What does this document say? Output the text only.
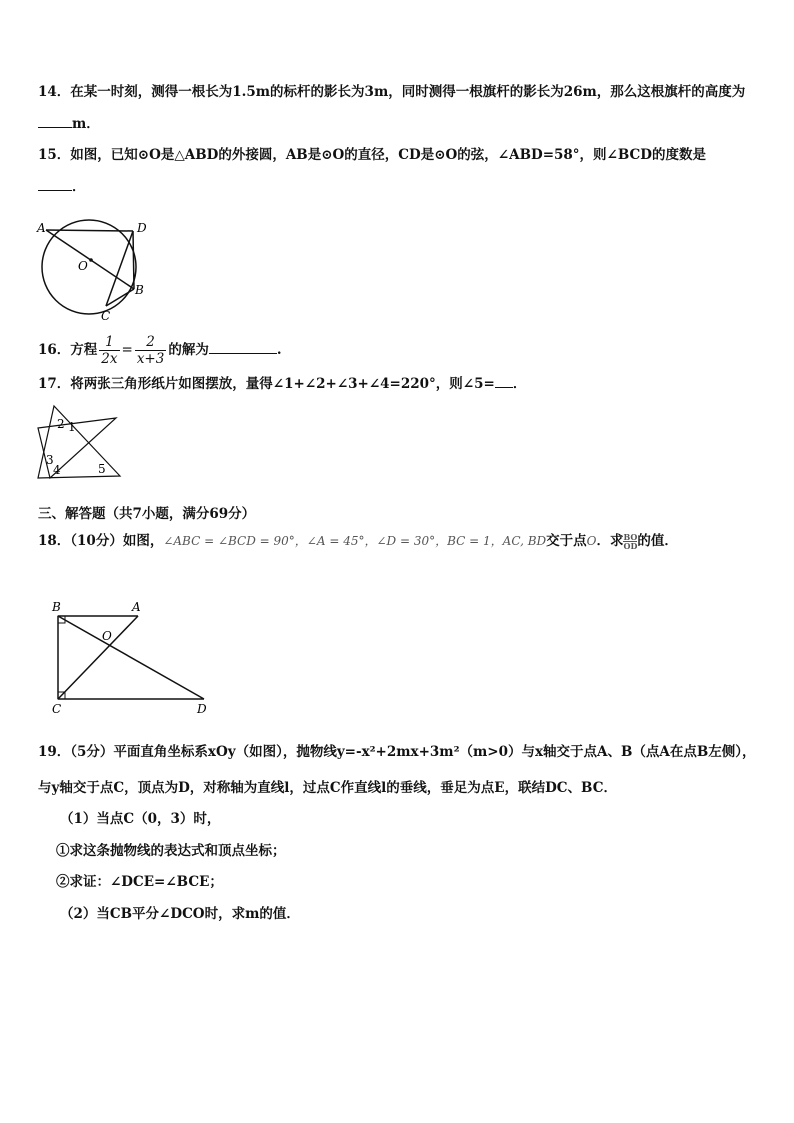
14．在某一时刻，测得一根长为1.5m的标杆的影长为3m，同时测得一根旗杆的影长为26m，那么这根旗杆的高度为
m．
15．如图，已知⊙O是△ABD的外接圆，AB是⊙O的直径，CD是⊙O的弦，∠ABD=58°，则∠BCD的度数是
．
A	D
O
B
C
16．方程 $\frac{1}{2x} = \frac{2}{x+3}$ 的解为	.
17．将两张三角形纸片如图摆放，量得∠1+∠2+∠3+∠4=220°，则∠5= ．
2 1
3
4	5
三、解答题（共7小题，满分69分）
18．（10分）如图，∠ABC = ∠BCD = 90°，∠A = 45°，∠D = 30°，BC = 1，AC, BD交于点O．求 $\frac{BO}{OD}$ 的值．
B	A
O
C	D
19．（5分）平面直角坐标系xOy（如图），抛物线y=-x²+2mx+3m²（m>0）与x轴交于点A、B（点A在点B左侧），
与y轴交于点C，顶点为D，对称轴为直线l，过点C作直线l的垂线，垂足为点E，联结DC、BC．
（1）当点C（0，3）时，
①求这条抛物线的表达式和顶点坐标；
②求证：∠DCE=∠BCE；
（2）当CB平分∠DCO时，求m的值．
